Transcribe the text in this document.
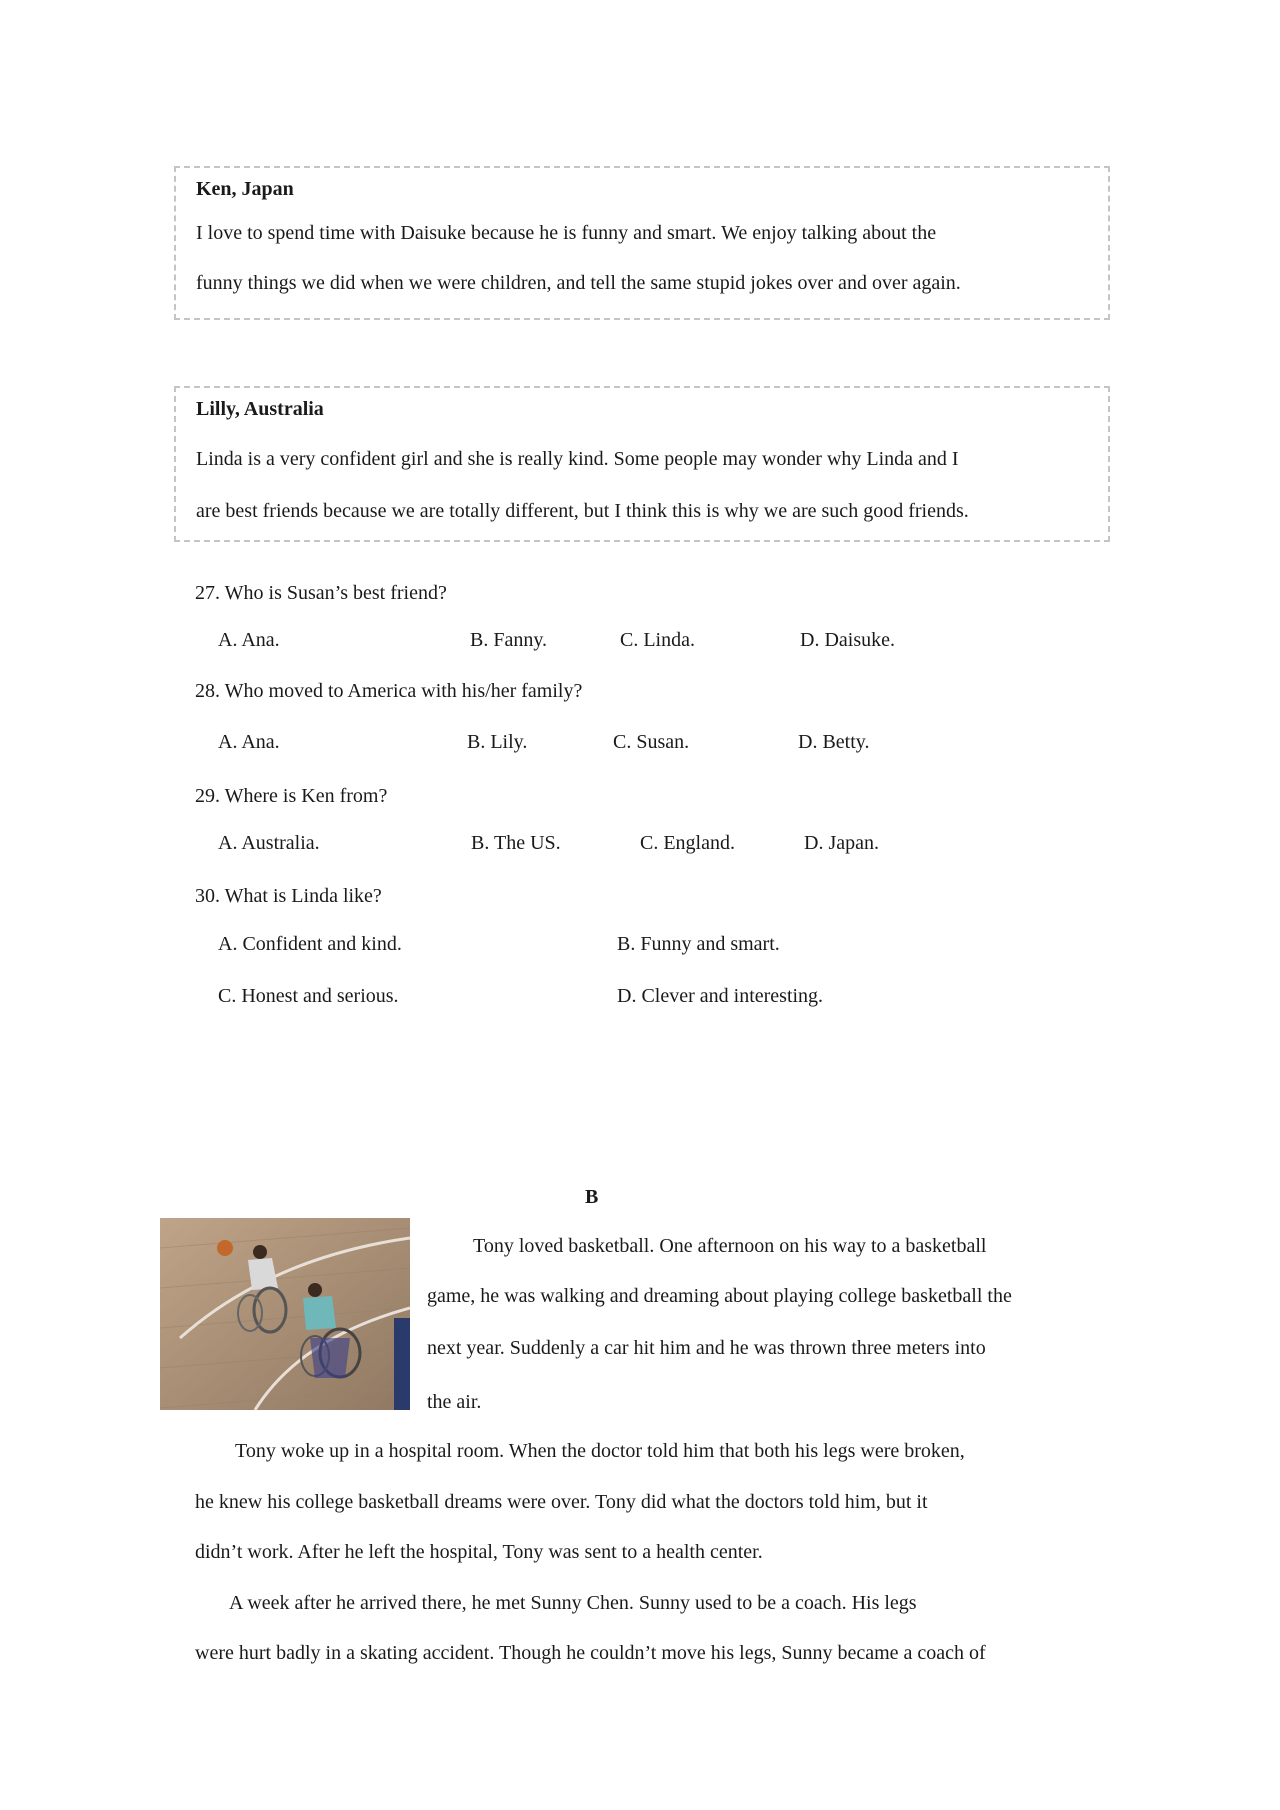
Ken, Japan
I love to spend time with Daisuke because he is funny and smart. We enjoy talking about the
funny things we did when we were children, and tell the same stupid jokes over and over again.
Lilly, Australia
Linda is a very confident girl and she is really kind. Some people may wonder why Linda and I
are best friends because we are totally different, but I think this is why we are such good friends.
27. Who is Susan’s best friend?
A. Ana.	B. Fanny.	C. Linda.	D. Daisuke.
28. Who moved to America with his/her family?
A. Ana.	B. Lily.	C. Susan.	D. Betty.
29. Where is Ken from?
A. Australia.	B. The US.	C. England.	D. Japan.
30. What is Linda like?
A. Confident and kind.	B. Funny and smart.
C. Honest and serious.	D. Clever and interesting.
B
Tony loved basketball. One afternoon on his way to a basketball
game, he was walking and dreaming about playing college basketball the
next year. Suddenly a car hit him and he was thrown three meters into
the air.
Tony woke up in a hospital room. When the doctor told him that both his legs were broken,
he knew his college basketball dreams were over. Tony did what the doctors told him, but it
didn’t work. After he left the hospital, Tony was sent to a health center.
A week after he arrived there, he met Sunny Chen. Sunny used to be a coach. His legs
were hurt badly in a skating accident. Though he couldn’t move his legs, Sunny became a coach of
